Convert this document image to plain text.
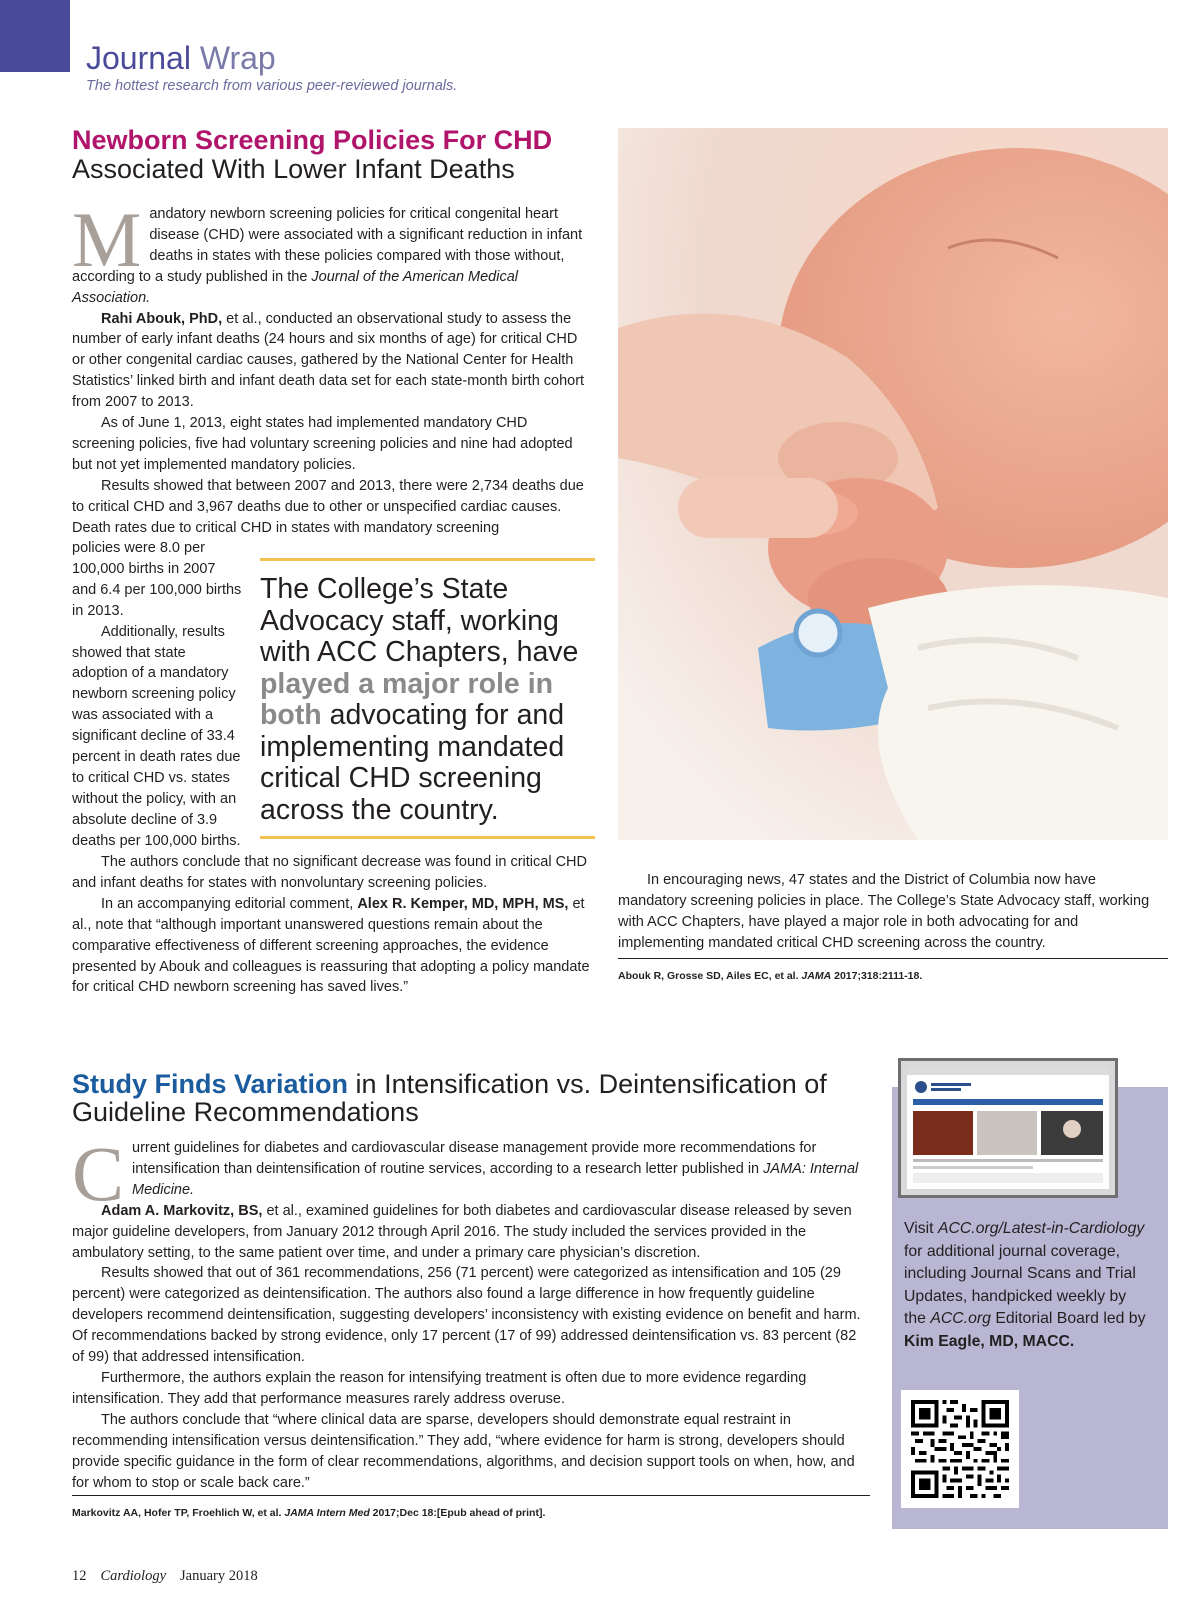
Journal Wrap
The hottest research from various peer-reviewed journals.
Newborn Screening Policies For CHD
Associated With Lower Infant Deaths

Mandatory newborn screening policies for critical congenital heart disease (CHD) were associated with a significant reduction in infant deaths in states with these policies compared with those without, according to a study published in the Journal of the American Medical Association.

Rahi Abouk, PhD, et al., conducted an observational study to assess the number of early infant deaths (24 hours and six months of age) for critical CHD or other congenital cardiac causes, gathered by the National Center for Health Statistics’ linked birth and infant death data set for each state-month birth cohort from 2007 to 2013.

As of June 1, 2013, eight states had implemented mandatory CHD screening policies, five had voluntary screening policies and nine had adopted but not yet implemented mandatory policies.

Results showed that between 2007 and 2013, there were 2,734 deaths due to critical CHD and 3,967 deaths due to other or unspecified cardiac causes. Death rates due to critical CHD in states with mandatory screening

policies were 8.0 per 100,000 births in 2007 and 6.4 per 100,000 births in 2013.

Additionally, results showed that state adoption of a mandatory newborn screening policy was associated with a significant decline of 33.4 percent in death rates due to critical CHD vs. states without the policy, with an absolute decline of 3.9 deaths per 100,000 births.

The College’s State Advocacy staff, working with ACC Chapters, have played a major role in both advocating for and implementing mandated critical CHD screening across the country.

The authors conclude that no significant decrease was found in critical CHD and infant deaths for states with nonvoluntary screening policies.

In an accompanying editorial comment, Alex R. Kemper, MD, MPH, MS, et al., note that “although important unanswered questions remain about the comparative effectiveness of different screening approaches, the evidence presented by Abouk and colleagues is reassuring that adopting a policy mandate for critical CHD newborn screening has saved lives.”

In encouraging news, 47 states and the District of Columbia now have mandatory screening policies in place. The College’s State Advocacy staff, working with ACC Chapters, have played a major role in both advocating for and implementing mandated critical CHD screening across the country.

Abouk R, Grosse SD, Ailes EC, et al. JAMA 2017;318:2111-18.
Study Finds Variation in Intensification vs. Deintensification of
Guideline Recommendations

Current guidelines for diabetes and cardiovascular disease management provide more recommendations for intensification than deintensification of routine services, according to a research letter published in JAMA: Internal Medicine.

Adam A. Markovitz, BS, et al., examined guidelines for both diabetes and cardiovascular disease released by seven major guideline developers, from January 2012 through April 2016. The study included the services provided in the ambulatory setting, to the same patient over time, and under a primary care physician’s discretion.

Results showed that out of 361 recommendations, 256 (71 percent) were categorized as intensification and 105 (29 percent) were categorized as deintensification. The authors also found a large difference in how frequently guideline developers recommend deintensification, suggesting developers’ inconsistency with existing evidence on benefit and harm. Of recommendations backed by strong evidence, only 17 percent (17 of 99) addressed deintensification vs. 83 percent (82 of 99) that addressed intensification.

Furthermore, the authors explain the reason for intensifying treatment is often due to more evidence regarding intensification. They add that performance measures rarely address overuse.

The authors conclude that “where clinical data are sparse, developers should demonstrate equal restraint in recommending intensification versus deintensification.” They add, “where evidence for harm is strong, developers should provide specific guidance in the form of clear recommendations, algorithms, and decision support tools on when, how, and for whom to stop or scale back care.”

Markovitz AA, Hofer TP, Froehlich W, et al. JAMA Intern Med 2017;Dec 18:[Epub ahead of print].
Visit ACC.org/Latest-in-Cardiology for additional journal coverage, including Journal Scans and Trial Updates, handpicked weekly by the ACC.org Editorial Board led by Kim Eagle, MD, MACC.
12 Cardiology January 2018
